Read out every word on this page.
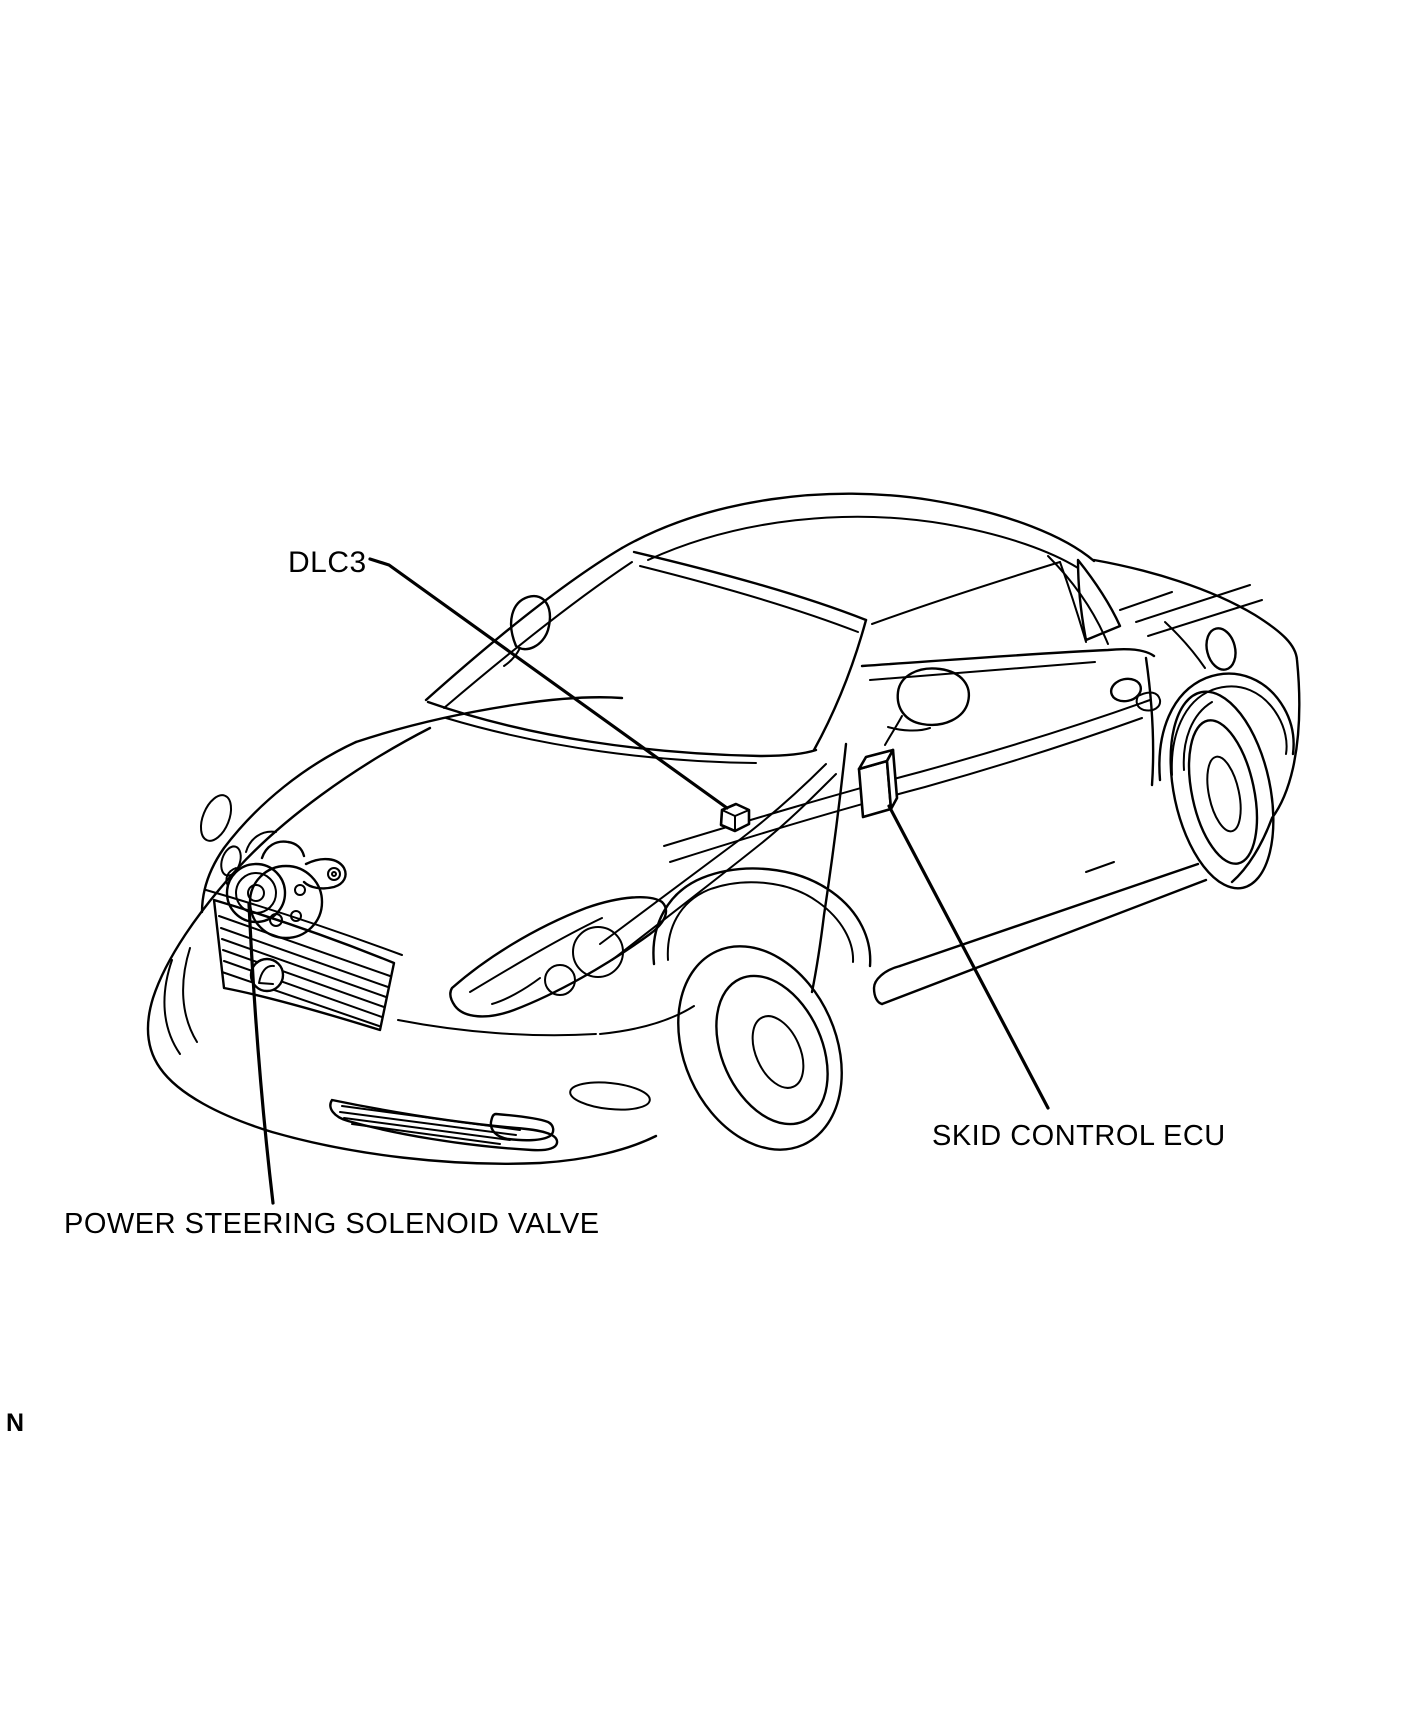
DLC3
SKID CONTROL ECU
POWER STEERING SOLENOID VALVE
N
